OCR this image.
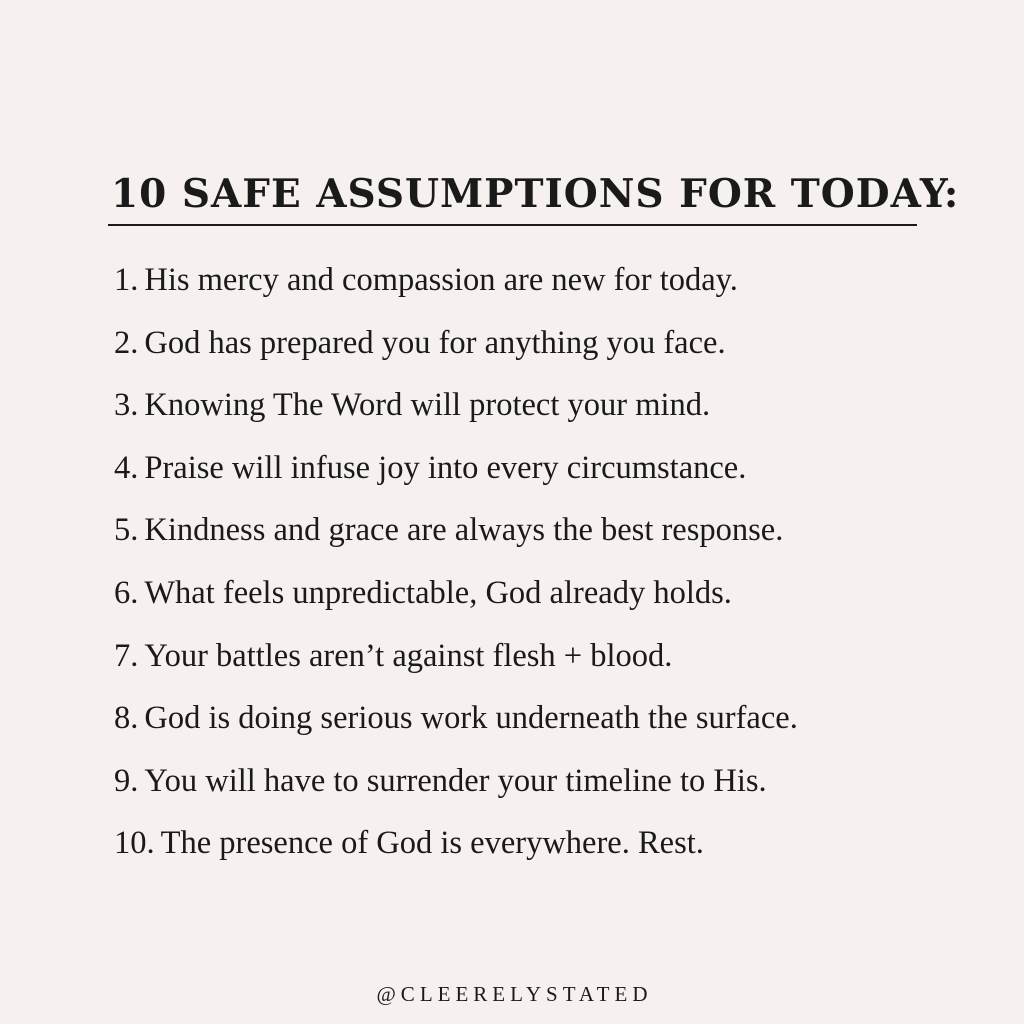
10 SAFE ASSUMPTIONS FOR TODAY:
1. His mercy and compassion are new for today.
2. God has prepared you for anything you face.
3. Knowing The Word will protect your mind.
4. Praise will infuse joy into every circumstance.
5. Kindness and grace are always the best response.
6. What feels unpredictable, God already holds.
7. Your battles aren’t against flesh + blood.
8. God is doing serious work underneath the surface.
9. You will have to surrender your timeline to His.
10. The presence of God is everywhere. Rest.
@CLEERELYSTATED
